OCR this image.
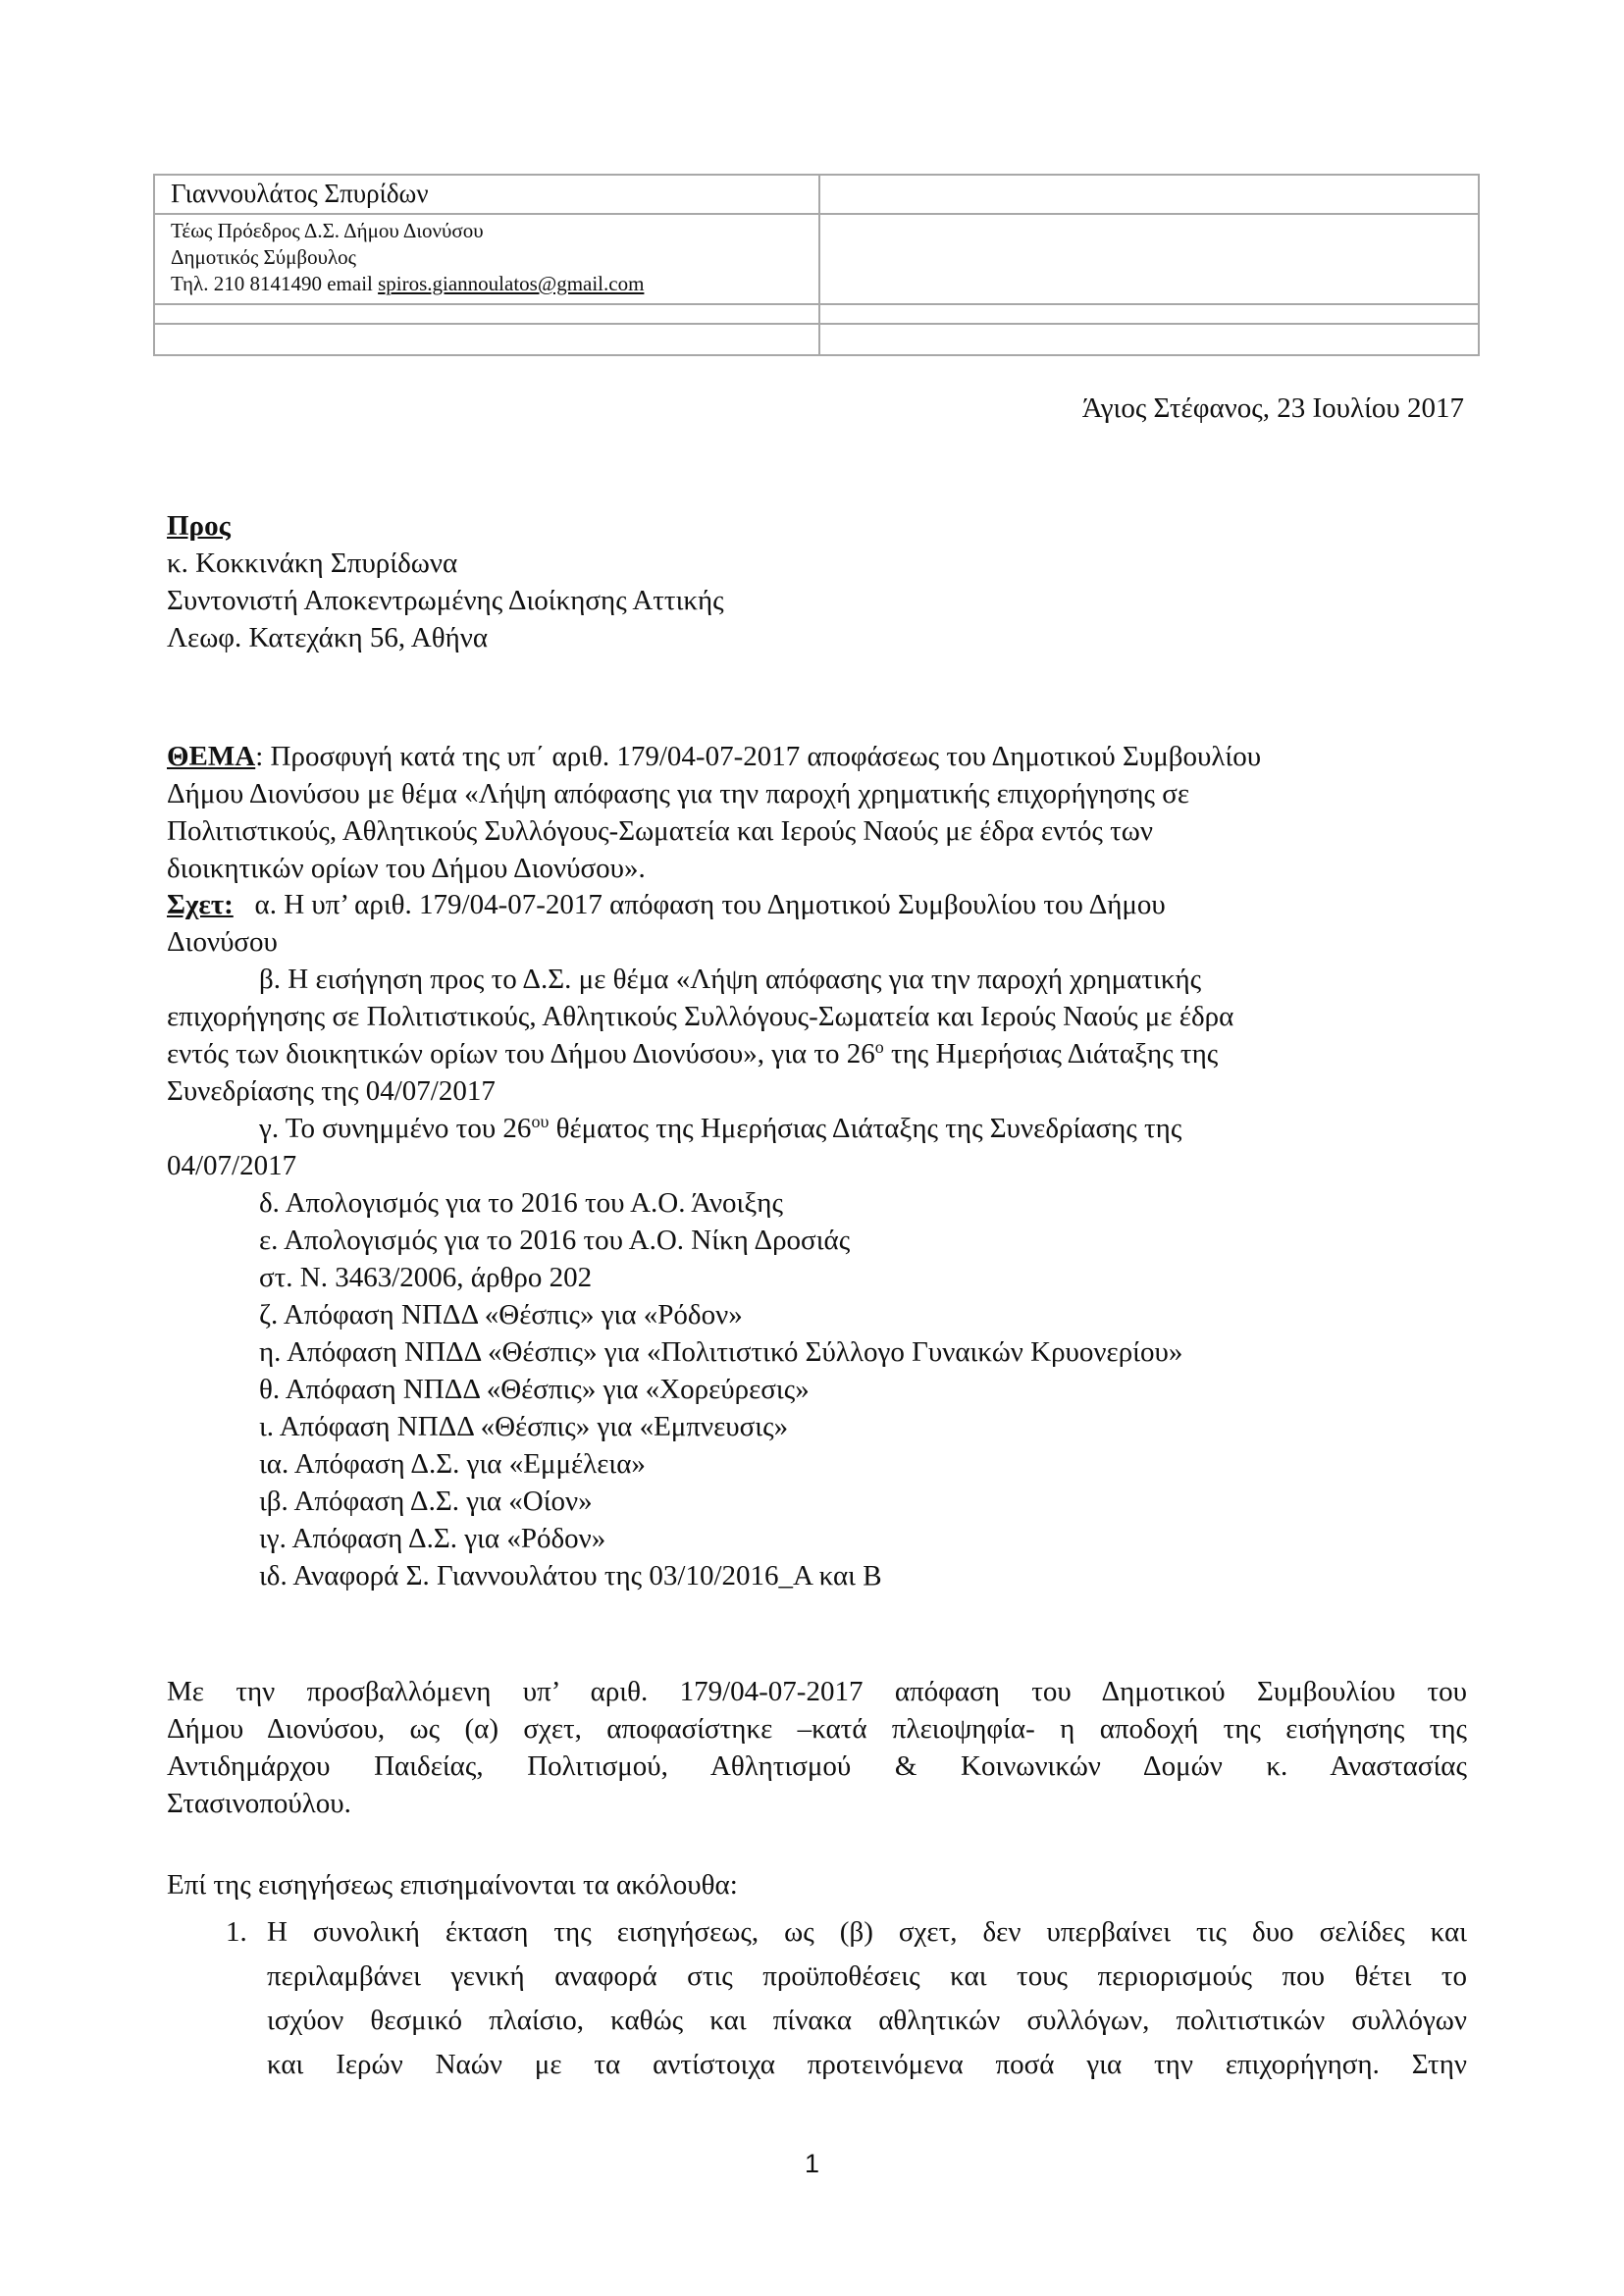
Γιαννουλάτος Σπυρίδων
Τέως Πρόεδρος Δ.Σ. Δήμου Διονύσου
Δημοτικός Σύμβουλος
Τηλ. 210 8141490 email spiros.giannoulatos@gmail.com
Άγιος Στέφανος, 23 Ιουλίου 2017
Προς
κ. Κοκκινάκη Σπυρίδωνα
Συντονιστή Αποκεντρωμένης Διοίκησης Αττικής
Λεωφ. Κατεχάκη 56, Αθήνα
ΘΕΜΑ: Προσφυγή κατά της υπ΄ αριθ. 179/04-07-2017 αποφάσεως του Δημοτικού Συμβουλίου
Δήμου Διονύσου με θέμα «Λήψη απόφασης για την παροχή χρηματικής επιχορήγησης σε
Πολιτιστικούς, Αθλητικούς Συλλόγους-Σωματεία και Ιερούς Ναούς με έδρα εντός των
διοικητικών ορίων του Δήμου Διονύσου».
Σχετ: α. Η υπ’ αριθ. 179/04-07-2017 απόφαση του Δημοτικού Συμβουλίου του Δήμου
Διονύσου
β. Η εισήγηση προς το Δ.Σ. με θέμα «Λήψη απόφασης για την παροχή χρηματικής
επιχορήγησης σε Πολιτιστικούς, Αθλητικούς Συλλόγους-Σωματεία και Ιερούς Ναούς με έδρα
εντός των διοικητικών ορίων του Δήμου Διονύσου», για το $26^o$ της Ημερήσιας Διάταξης της
Συνεδρίασης της 04/07/2017
γ. Το συνημμένο του $26^{o\upsilon}$ θέματος της Ημερήσιας Διάταξης της Συνεδρίασης της
04/07/2017
δ. Απολογισμός για το 2016 του Α.Ο. Άνοιξης
ε. Απολογισμός για το 2016 του Α.Ο. Νίκη Δροσιάς
στ. Ν. 3463/2006, άρθρο 202
ζ. Απόφαση ΝΠΔΔ «Θέσπις» για «Ρόδον»
η. Απόφαση ΝΠΔΔ «Θέσπις» για «Πολιτιστικό Σύλλογο Γυναικών Κρυονερίου»
θ. Απόφαση ΝΠΔΔ «Θέσπις» για «Χορεύρεσις»
ι. Απόφαση ΝΠΔΔ «Θέσπις» για «Εμπνευσις»
ια. Απόφαση Δ.Σ. για «Εμμέλεια»
ιβ. Απόφαση Δ.Σ. για «Οίον»
ιγ. Απόφαση Δ.Σ. για «Ρόδον»
ιδ. Αναφορά Σ. Γιαννουλάτου της 03/10/2016_Α και Β
Με την προσβαλλόμενη υπ’ αριθ. 179/04-07-2017 απόφαση του Δημοτικού Συμβουλίου του
Δήμου Διονύσου, ως (α) σχετ, αποφασίστηκε –κατά πλειοψηφία- η αποδοχή της εισήγησης της
Αντιδημάρχου Παιδείας, Πολιτισμού, Αθλητισμού & Κοινωνικών Δομών κ. Αναστασίας
Στασινοπούλου.
Επί της εισηγήσεως επισημαίνονται τα ακόλουθα:
1. Η συνολική έκταση της εισηγήσεως, ως (β) σχετ, δεν υπερβαίνει τις δυο σελίδες και
περιλαμβάνει γενική αναφορά στις προϋποθέσεις και τους περιορισμούς που θέτει το
ισχύον θεσμικό πλαίσιο, καθώς και πίνακα αθλητικών συλλόγων, πολιτιστικών συλλόγων
και Ιερών Ναών με τα αντίστοιχα προτεινόμενα ποσά για την επιχορήγηση. Στην
1
